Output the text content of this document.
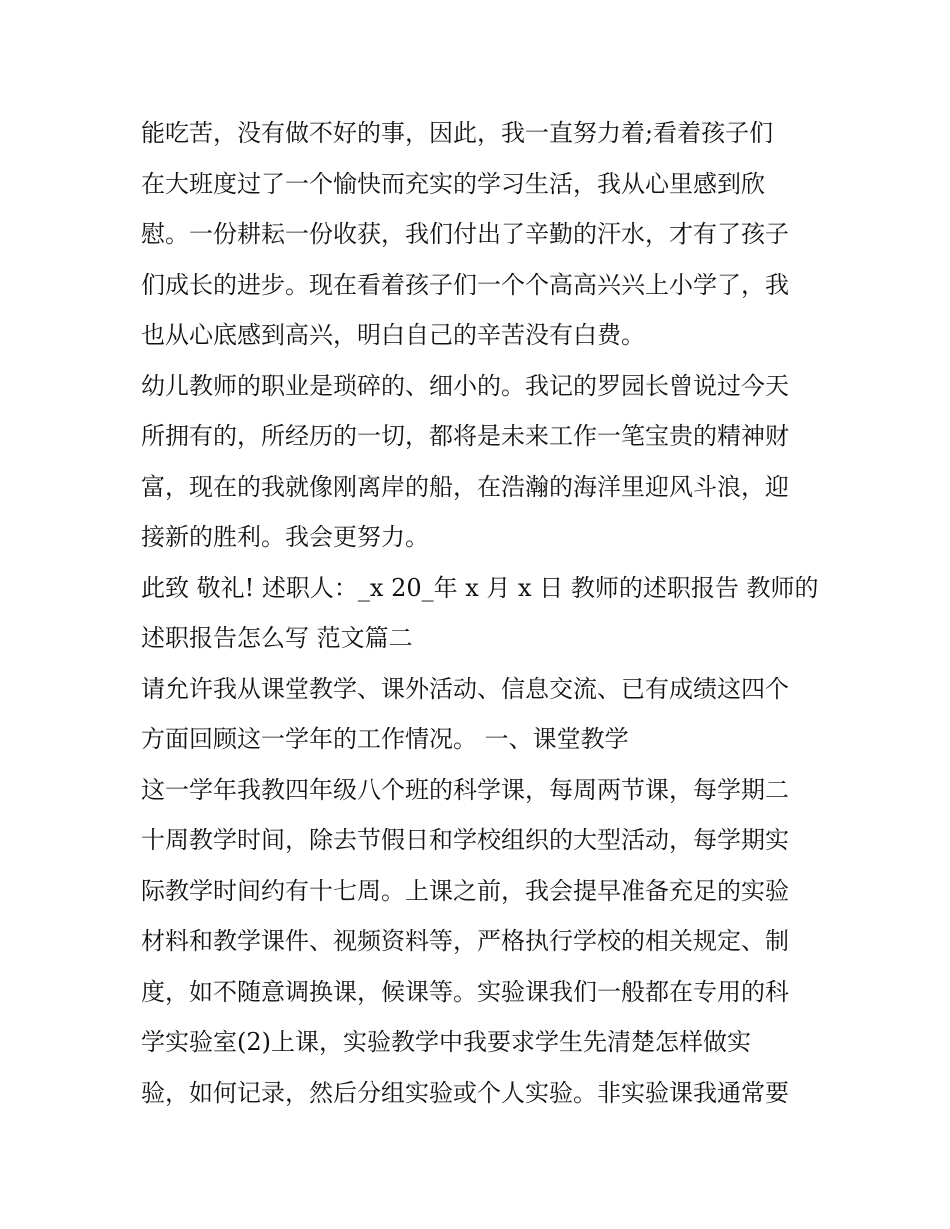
能吃苦，没有做不好的事，因此，我一直努力着;看着孩子们
在大班度过了一个愉快而充实的学习生活，我从心里感到欣
慰。一份耕耘一份收获，我们付出了辛勤的汗水，才有了孩子
们成长的进步。现在看着孩子们一个个高高兴兴上小学了，我
也从心底感到高兴，明白自己的辛苦没有白费。
幼儿教师的职业是琐碎的、细小的。我记的罗园长曾说过今天
所拥有的，所经历的一切，都将是未来工作一笔宝贵的精神财
富，现在的我就像刚离岸的船，在浩瀚的海洋里迎风斗浪，迎
接新的胜利。我会更努力。
此致 敬礼! 述职人：_x 20_年 x 月 x 日 教师的述职报告 教师的
述职报告怎么写 范文篇二
请允许我从课堂教学、课外活动、信息交流、已有成绩这四个
方面回顾这一学年的工作情况。 一、课堂教学
这一学年我教四年级八个班的科学课，每周两节课，每学期二
十周教学时间，除去节假日和学校组织的大型活动，每学期实
际教学时间约有十七周。上课之前，我会提早准备充足的实验
材料和教学课件、视频资料等，严格执行学校的相关规定、制
度，如不随意调换课，候课等。实验课我们一般都在专用的科
学实验室(2)上课，实验教学中我要求学生先清楚怎样做实
验，如何记录，然后分组实验或个人实验。非实验课我通常要
